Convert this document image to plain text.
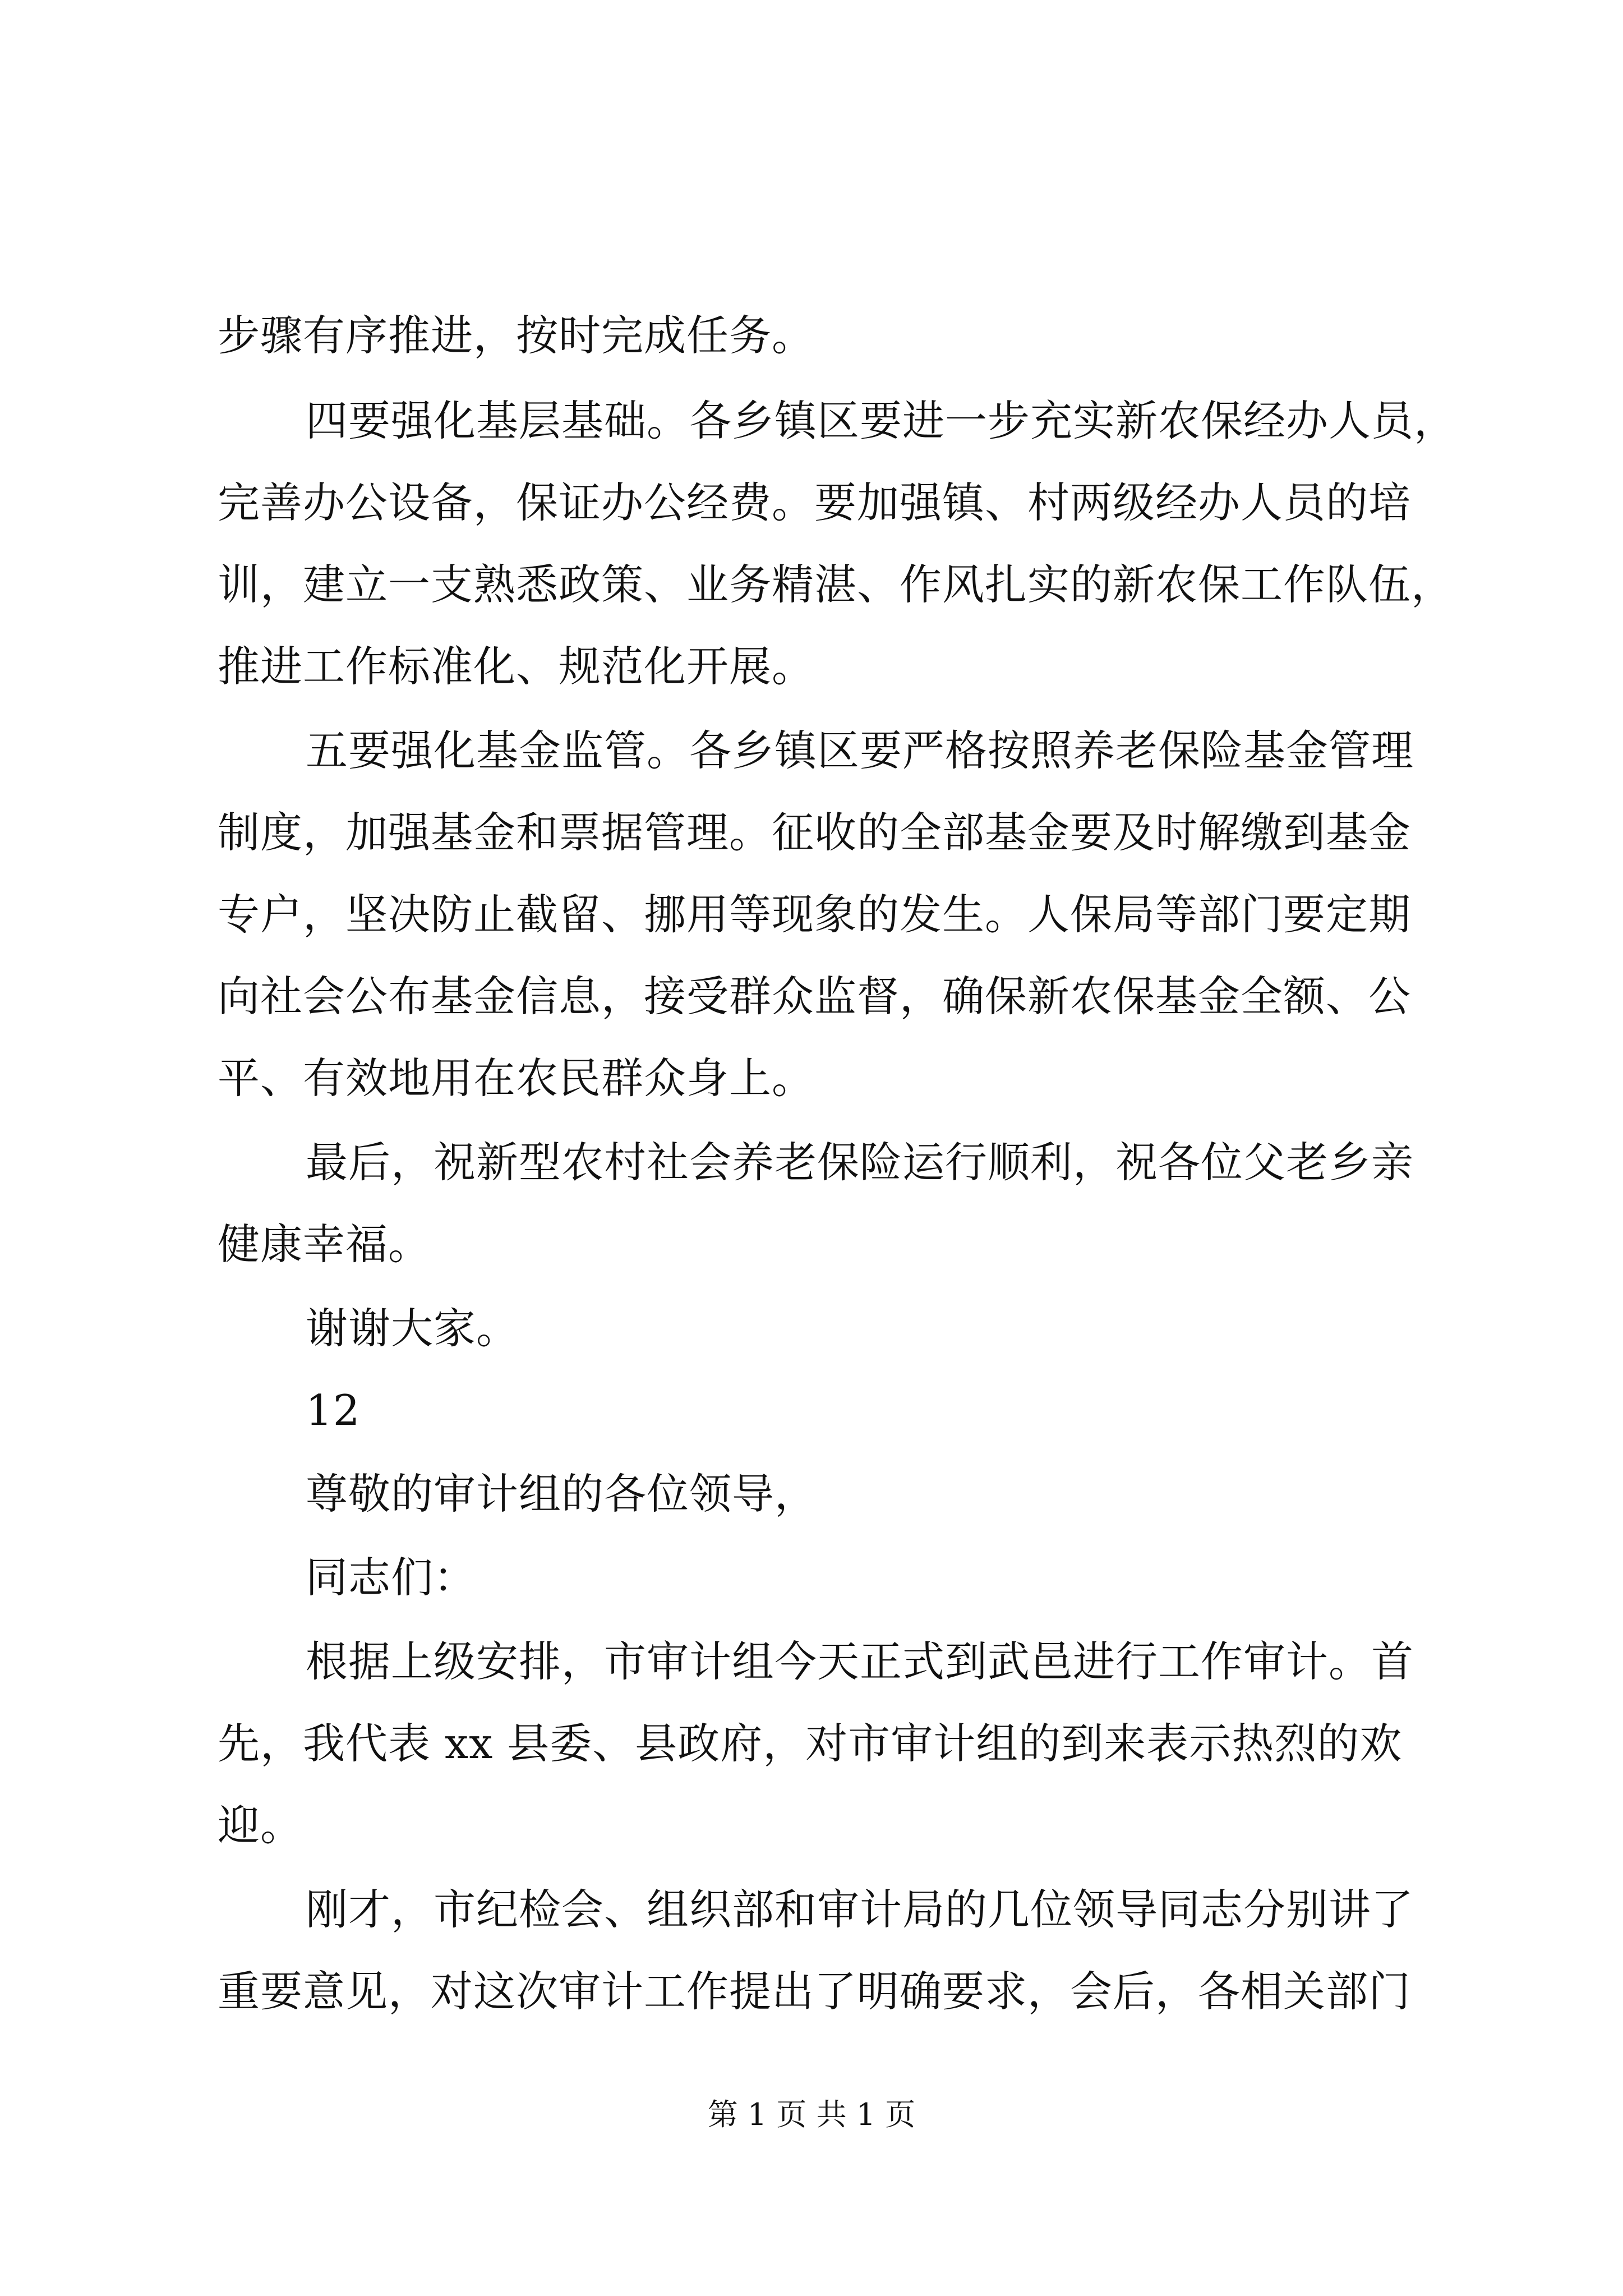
步骤有序推进，按时完成任务。
四要强化基层基础。各乡镇区要进一步充实新农保经办人员，
完善办公设备，保证办公经费。要加强镇、村两级经办人员的培
训，建立一支熟悉政策、业务精湛、作风扎实的新农保工作队伍，
推进工作标准化、规范化开展。
五要强化基金监管。各乡镇区要严格按照养老保险基金管理
制度，加强基金和票据管理。征收的全部基金要及时解缴到基金
专户，坚决防止截留、挪用等现象的发生。人保局等部门要定期
向社会公布基金信息，接受群众监督，确保新农保基金全额、公
平、有效地用在农民群众身上。
最后，祝新型农村社会养老保险运行顺利，祝各位父老乡亲
健康幸福。
谢谢大家。
12
尊敬的审计组的各位领导，
同志们：
根据上级安排，市审计组今天正式到武邑进行工作审计。首
先，我代表 xx 县委、县政府，对市审计组的到来表示热烈的欢
迎。
刚才，市纪检会、组织部和审计局的几位领导同志分别讲了
重要意见，对这次审计工作提出了明确要求，会后，各相关部门
第 1 页 共 1 页
